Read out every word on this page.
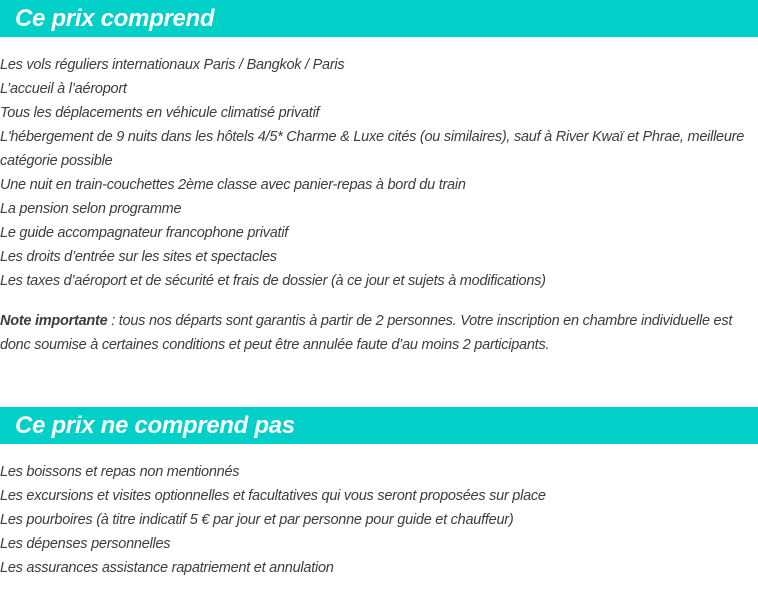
Ce prix comprend
Les vols réguliers internationaux Paris / Bangkok / Paris
L’accueil à l’aéroport
Tous les déplacements en véhicule climatisé privatif
L'hébergement de 9 nuits dans les hôtels 4/5* Charme & Luxe cités (ou similaires), sauf à River Kwaï et Phrae, meilleure catégorie possible
Une nuit en train-couchettes 2ème classe avec panier-repas à bord du train
La pension selon programme
Le guide accompagnateur francophone privatif
Les droits d’entrée sur les sites et spectacles
Les taxes d’aéroport et de sécurité et frais de dossier (à ce jour et sujets à modifications)

Note importante : tous nos départs sont garantis à partir de 2 personnes. Votre inscription en chambre individuelle est donc soumise à certaines conditions et peut être annulée faute d’au moins 2 participants.

Ce prix ne comprend pas
Les boissons et repas non mentionnés
Les excursions et visites optionnelles et facultatives qui vous seront proposées sur place
Les pourboires (à titre indicatif 5 € par jour et par personne pour guide et chauffeur)
Les dépenses personnelles
Les assurances assistance rapatriement et annulation
